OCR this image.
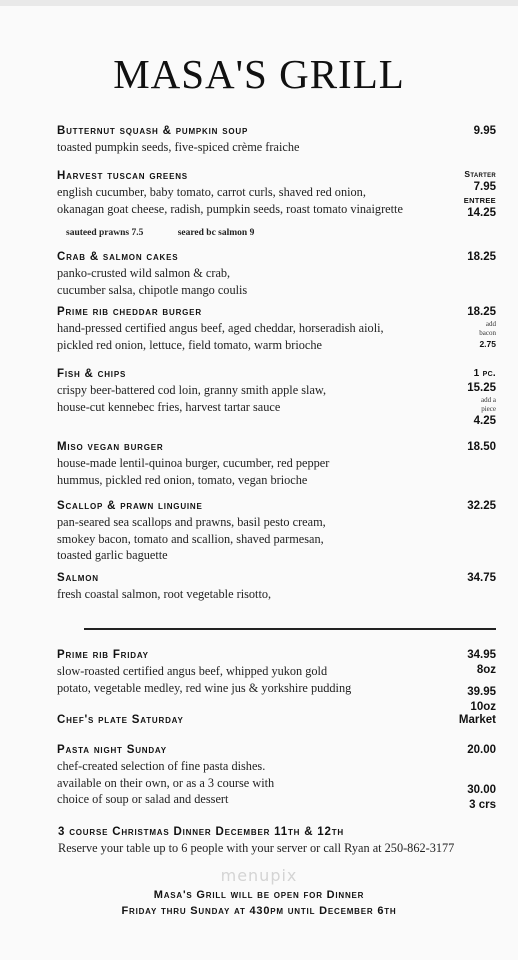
MASA'S GRILL
Butternut squash & pumpkin soup
toasted pumpkin seeds, five-spiced crème fraiche
9.95
Harvest tuscan greens
english cucumber, baby tomato, carrot curls, shaved red onion,
okanagan goat cheese, radish, pumpkin seeds, roast tomato vinaigrette
Starter
7.95
ENTREE
14.25
sauteed prawns 7.5	seared bc salmon 9
Crab & salmon cakes
panko-crusted wild salmon & crab,
cucumber salsa, chipotle mango coulis
18.25
Prime rib cheddar burger
hand-pressed certified angus beef, aged cheddar, horseradish aioli,
pickled red onion, lettuce, field tomato, warm brioche
18.25
add
bacon
2.75
Fish & chips
crispy beer-battered cod loin, granny smith apple slaw,
house-cut kennebec fries, harvest tartar sauce
1 pc.
15.25
add a
piece
4.25
Miso vegan burger
house-made lentil-quinoa burger, cucumber, red pepper
hummus, pickled red onion, tomato, vegan brioche
18.50
Scallop & prawn linguine
pan-seared sea scallops and prawns, basil pesto cream,
smokey bacon, tomato and scallion, shaved parmesan,
toasted garlic baguette
32.25
Salmon
fresh coastal salmon, root vegetable risotto,
34.75
Prime rib Friday
slow-roasted certified angus beef, whipped yukon gold
potato, vegetable medley, red wine jus & yorkshire pudding
34.95
8oz
39.95
10oz
Chef's plate Saturday	Market
Pasta night Sunday
chef-created selection of fine pasta dishes.
available on their own, or as a 3 course with
choice of soup or salad and dessert
20.00
30.00
3 crs
3 course Christmas Dinner December 11th & 12th
Reserve your table up to 6 people with your server or call Ryan at 250-862-3177
menupix
Masa's Grill will be open for Dinner
Friday thru Sunday at 430pm until December 6th
